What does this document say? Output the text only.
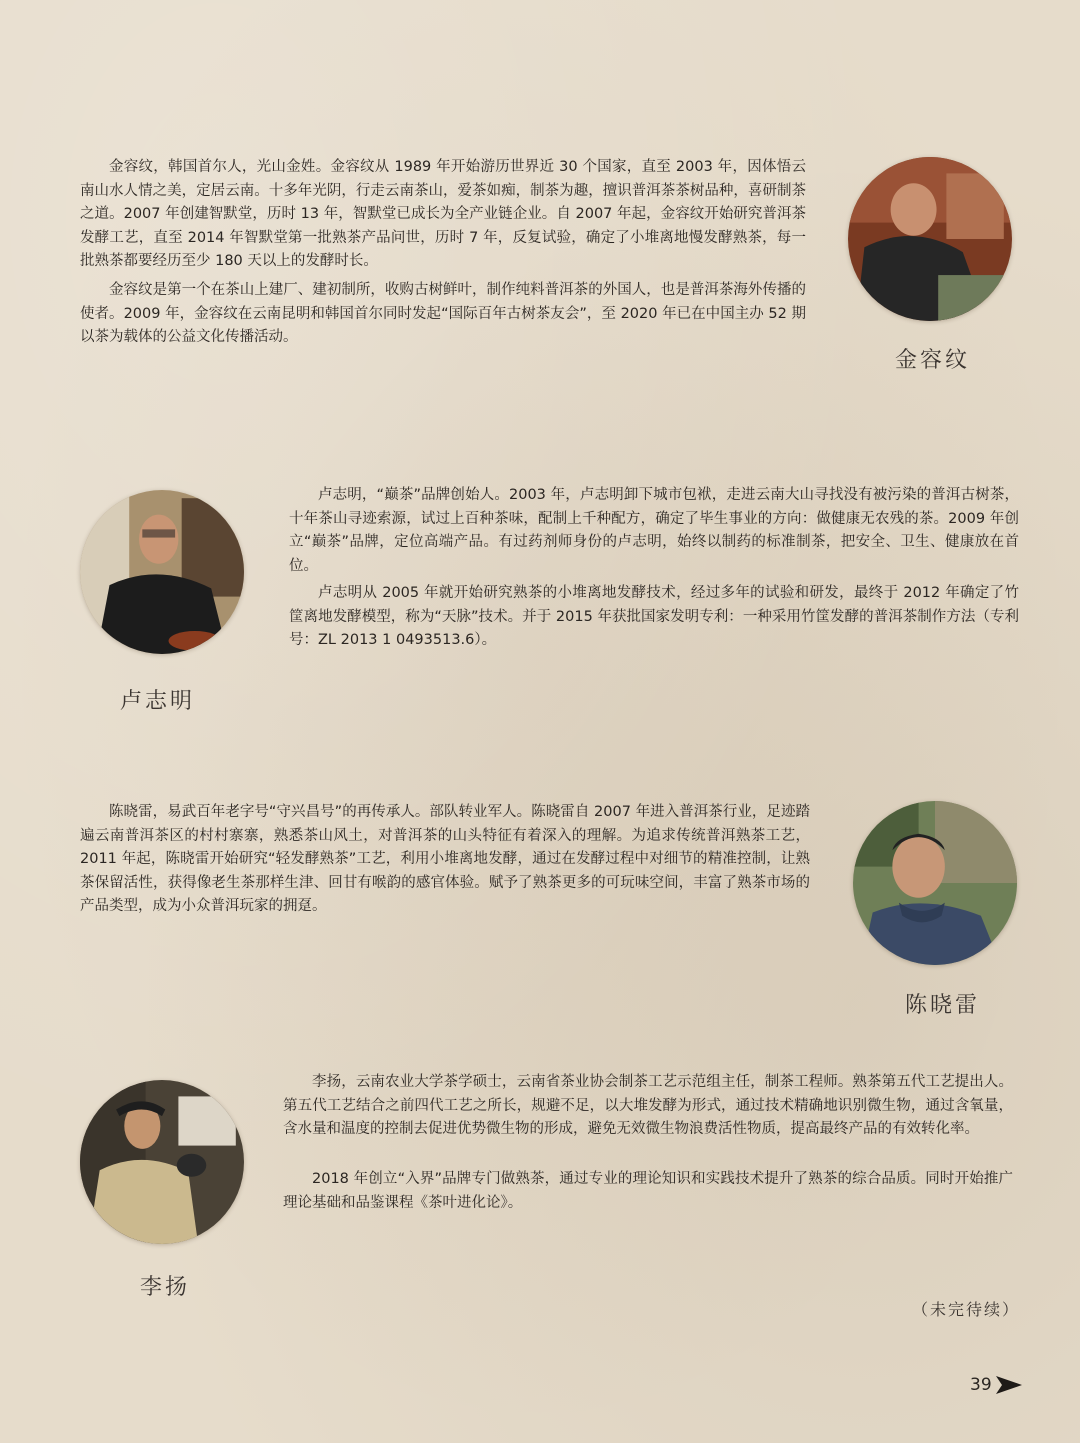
金容纹，韩国首尔人，光山金姓。金容纹从 1989 年开始游历世界近 30 个国家，直至 2003 年，因体悟云南山水人情之美，定居云南。十多年光阴，行走云南茶山，爱茶如痴，制茶为趣，擅识普洱茶茶树品种，喜研制茶之道。2007 年创建智默堂，历时 13 年，智默堂已成长为全产业链企业。自 2007 年起，金容纹开始研究普洱茶发酵工艺，直至 2014 年智默堂第一批熟茶产品问世，历时 7 年，反复试验，确定了小堆离地慢发酵熟茶，每一批熟茶都要经历至少 180 天以上的发酵时长。

金容纹是第一个在茶山上建厂、建初制所，收购古树鲜叶，制作纯料普洱茶的外国人，也是普洱茶海外传播的使者。2009 年，金容纹在云南昆明和韩国首尔同时发起“国际百年古树茶友会”，至 2020 年已在中国主办 52 期以茶为载体的公益文化传播活动。

金容纹

卢志明，“巅茶”品牌创始人。2003 年，卢志明卸下城市包袱，走进云南大山寻找没有被污染的普洱古树茶，十年茶山寻迹索源，试过上百种茶味，配制上千种配方，确定了毕生事业的方向：做健康无农残的茶。2009 年创立“巅茶”品牌，定位高端产品。有过药剂师身份的卢志明，始终以制药的标准制茶，把安全、卫生、健康放在首位。

卢志明从 2005 年就开始研究熟茶的小堆离地发酵技术，经过多年的试验和研发，最终于 2012 年确定了竹筐离地发酵模型，称为“天脉”技术。并于 2015 年获批国家发明专利：一种采用竹筐发酵的普洱茶制作方法（专利号：ZL 2013 1 0493513.6）。

卢志明

陈晓雷，易武百年老字号“守兴昌号”的再传承人。部队转业军人。陈晓雷自 2007 年进入普洱茶行业，足迹踏遍云南普洱茶区的村村寨寨，熟悉茶山风土，对普洱茶的山头特征有着深入的理解。为追求传统普洱熟茶工艺，2011 年起，陈晓雷开始研究“轻发酵熟茶”工艺，利用小堆离地发酵，通过在发酵过程中对细节的精准控制，让熟茶保留活性，获得像老生茶那样生津、回甘有喉韵的感官体验。赋予了熟茶更多的可玩味空间，丰富了熟茶市场的产品类型，成为小众普洱玩家的拥趸。

陈晓雷

李扬，云南农业大学茶学硕士，云南省茶业协会制茶工艺示范组主任，制茶工程师。熟茶第五代工艺提出人。第五代工艺结合之前四代工艺之所长，规避不足，以大堆发酵为形式，通过技术精确地识别微生物，通过含氧量，含水量和温度的控制去促进优势微生物的形成，避免无效微生物浪费活性物质，提高最终产品的有效转化率。

2018 年创立“入界”品牌专门做熟茶，通过专业的理论知识和实践技术提升了熟茶的综合品质。同时开始推广理论基础和品鉴课程《茶叶进化论》。

李扬
（未完待续）
39
